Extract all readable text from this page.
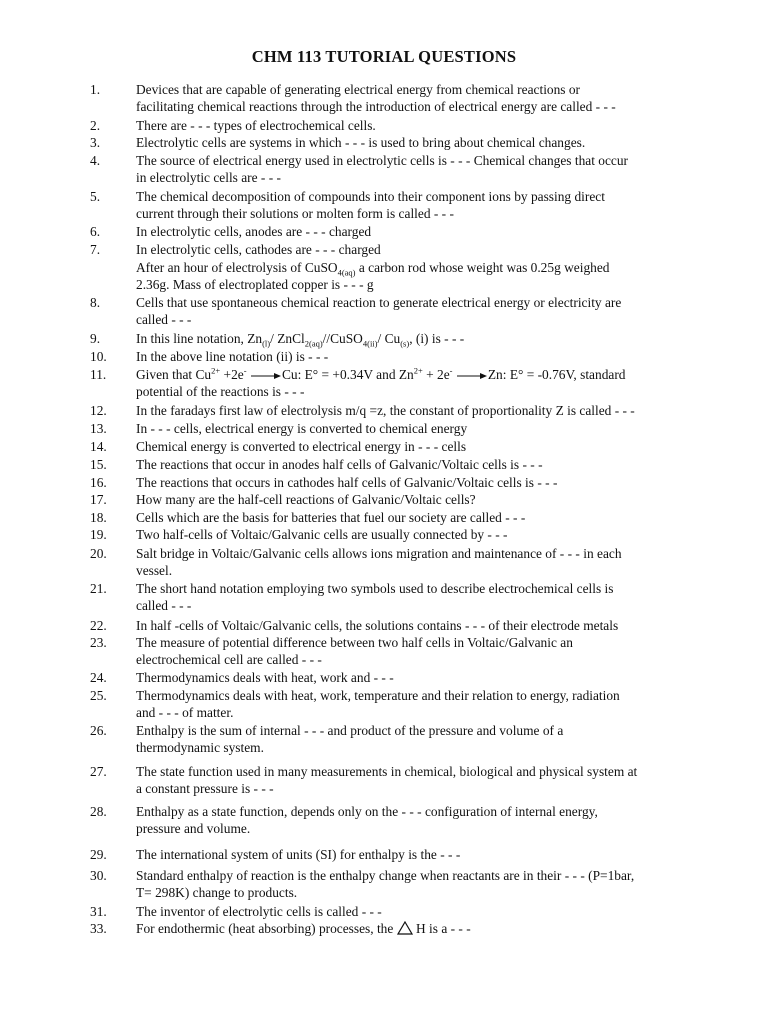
CHM 113 TUTORIAL QUESTIONS
1.	Devices that are capable of generating electrical energy from chemical reactions or
facilitating chemical reactions through the introduction of electrical energy are called - - -
2.	There are - - - types of electrochemical cells.
3.	Electrolytic cells are systems in which - - - is used to bring about chemical changes.
4.	The source of electrical energy used in electrolytic cells is - - - Chemical changes that occur
in electrolytic cells are - - -
5.	The chemical decomposition of compounds into their component ions by passing direct
current through their solutions or molten form is called - - -
6.	In electrolytic cells, anodes are - - - charged
7.	In electrolytic cells, cathodes are - - - charged
After an hour of electrolysis of CuSO$_{4(aq)}$ a carbon rod whose weight was 0.25g weighed
2.36g. Mass of electroplated copper is - - - g
8.	Cells that use spontaneous chemical reaction to generate electrical energy or electricity are
called - - -
9.	In this line notation, $Zn_{(l)}/$ ZnCl$_{2(aq)}$//CuSO$_{4(ii)}$/ $Cu_{(s)}$, (i) is - - -
10. In the above line notation (ii) is - - -
11. Given that $Cu^{2+} +2e^- \to Cu$: E° = +0.34V and $Zn^{2+} + 2e^- \to Zn$: E° = -0.76V, standard
potential of the reactions is - - -
12. In the faradays first law of electrolysis m/q =z, the constant of proportionality Z is called - - -
13. In - - - cells, electrical energy is converted to chemical energy
14. Chemical energy is converted to electrical energy in - - - cells
15. The reactions that occur in anodes half cells of Galvanic/Voltaic cells is - - -
16. The reactions that occurs in cathodes half cells of Galvanic/Voltaic cells is - - -
17. How many are the half-cell reactions of Galvanic/Voltaic cells?
18. Cells which are the basis for batteries that fuel our society are called - - -
19. Two half-cells of Voltaic/Galvanic cells are usually connected by - - -
20. Salt bridge in Voltaic/Galvanic cells allows ions migration and maintenance of - - - in each
vessel.
21. The short hand notation employing two symbols used to describe electrochemical cells is
called - - -
22. In half -cells of Voltaic/Galvanic cells, the solutions contains - - - of their electrode metals
23. The measure of potential difference between two half cells in Voltaic/Galvanic an
electrochemical cell are called - - -
24. Thermodynamics deals with heat, work and - - -
25. Thermodynamics deals with heat, work, temperature and their relation to energy, radiation
and - - - of matter.
26. Enthalpy is the sum of internal - - - and product of the pressure and volume of a
thermodynamic system.
27. The state function used in many measurements in chemical, biological and physical system at
a constant pressure is - - -
28. Enthalpy as a state function, depends only on the - - - configuration of internal energy,
pressure and volume.
29. The international system of units (SI) for enthalpy is the - - -
30. Standard enthalpy of reaction is the enthalpy change when reactants are in their - - - (P=1bar,
T= 298K) change to products.
31. The inventor of electrolytic cells is called - - -
33. For endothermic (heat absorbing) processes, the  H is a - - -
